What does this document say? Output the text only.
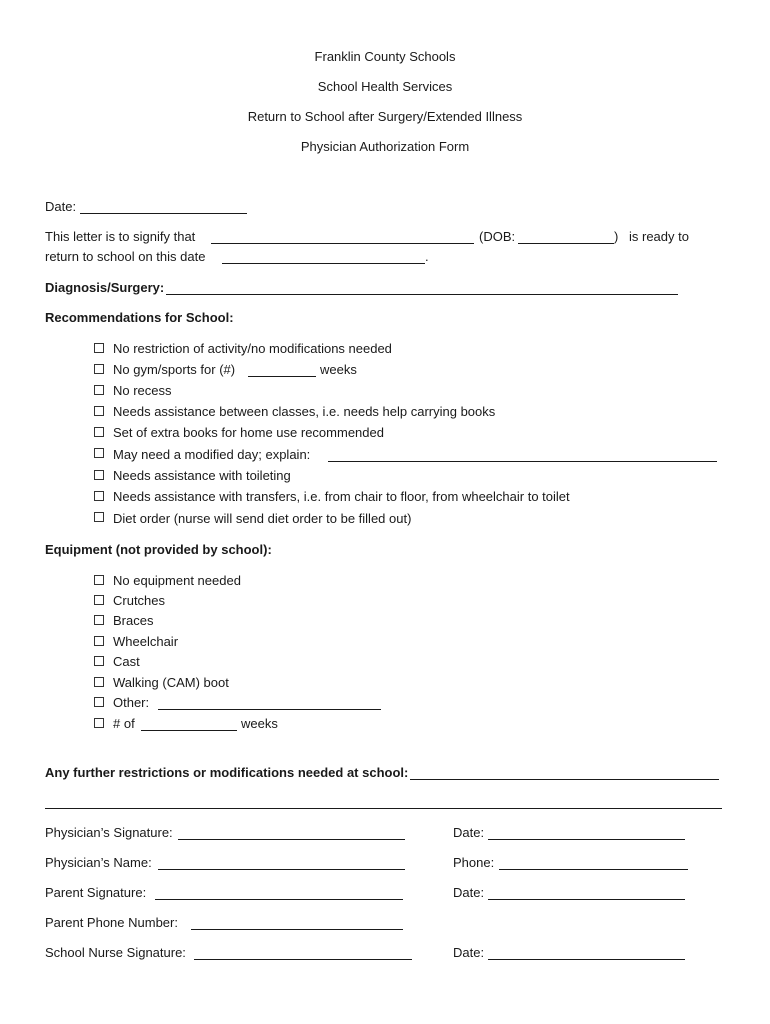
Franklin County Schools
School Health Services
Return to School after Surgery/Extended Illness
Physician Authorization Form
Date:
This letter is to signify that	(DOB:	) is ready to
return to school on this date	.
Diagnosis/Surgery:
Recommendations for School:
No restriction of activity/no modifications needed
No gym/sports for (#)	weeks
No recess
Needs assistance between classes, i.e. needs help carrying books
Set of extra books for home use recommended
May need a modified day; explain:
Needs assistance with toileting
Needs assistance with transfers, i.e. from chair to floor, from wheelchair to toilet
Diet order (nurse will send diet order to be filled out)
Equipment (not provided by school):
No equipment needed
Crutches
Braces
Wheelchair
Cast
Walking (CAM) boot
Other:
# of	weeks
Any further restrictions or modifications needed at school:
Physician’s Signature:	Date:
Physician’s Name:	Phone:
Parent Signature:	Date:
Parent Phone Number:
School Nurse Signature:	Date:
